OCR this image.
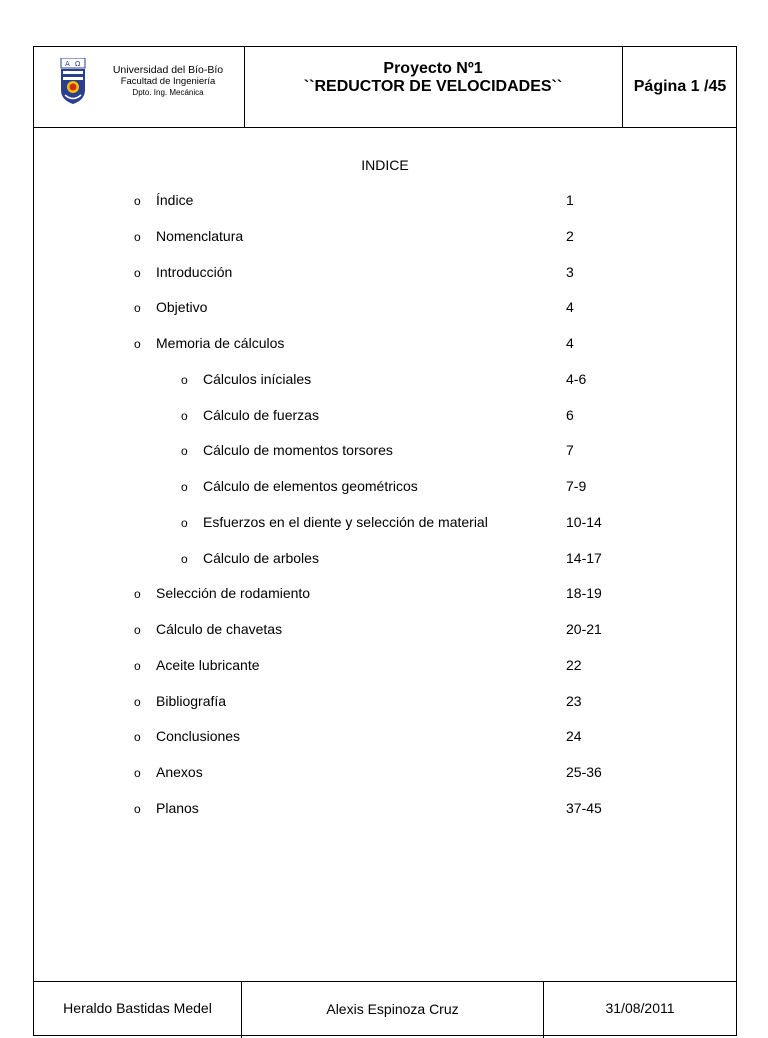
A Ω	Universidad del Bío-Bío
Facultad de Ingeniería
Dpto. Ing. Mecánica
Proyecto Nº1
``REDUCTOR DE VELOCIDADES``	Página 1 /45
INDICE
o Índice	1
o Nomenclatura	2
o Introducción	3
o Objetivo	4
o Memoria de cálculos	4
o Cálculos iníciales	4-6
o Cálculo de fuerzas	6
o Cálculo de momentos torsores	7
o Cálculo de elementos geométricos	7-9
o Esfuerzos en el diente y selección de material	10-14
o Cálculo de arboles	14-17
o Selección de rodamiento	18-19
o Cálculo de chavetas	20-21
o Aceite lubricante	22
o Bibliografía	23
o Conclusiones	24
o Anexos	25-36
o Planos	37-45
Heraldo Bastidas Medel	Alexis Espinoza Cruz	31/08/2011
